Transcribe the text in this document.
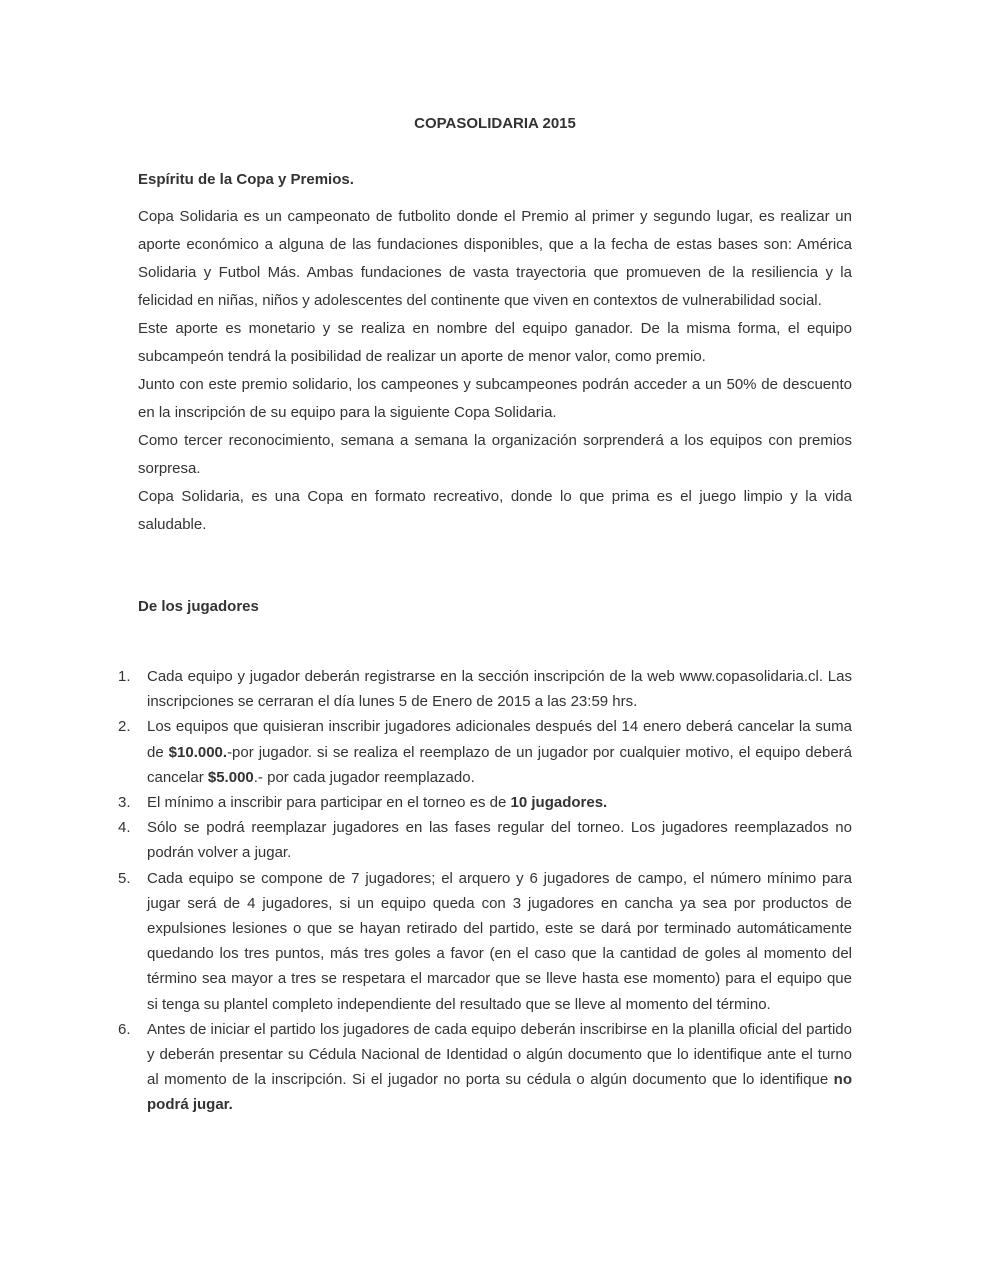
COPASOLIDARIA 2015
Espíritu de la Copa y Premios.

Copa Solidaria es un campeonato de futbolito donde el Premio al primer y segundo lugar, es realizar un aporte económico a alguna de las fundaciones disponibles, que a la fecha de estas bases son: América Solidaria y Futbol Más. Ambas fundaciones de vasta trayectoria que promueven de la resiliencia y la felicidad en niñas, niños y adolescentes del continente que viven en contextos de vulnerabilidad social.

Este aporte es monetario y se realiza en nombre del equipo ganador. De la misma forma, el equipo subcampeón tendrá la posibilidad de realizar un aporte de menor valor, como premio.

Junto con este premio solidario, los campeones y subcampeones podrán acceder a un 50% de descuento en la inscripción de su equipo para la siguiente Copa Solidaria.

Como tercer reconocimiento, semana a semana la organización sorprenderá a los equipos con premios sorpresa.

Copa Solidaria, es una Copa en formato recreativo, donde lo que prima es el juego limpio y la vida saludable.

De los jugadores
1. Cada equipo y jugador deberán registrarse en la sección inscripción de la web www.copasolidaria.cl. Las inscripciones se cerraran el día lunes 5 de Enero de 2015 a las 23:59 hrs.
2. Los equipos que quisieran inscribir jugadores adicionales después del 14 enero deberá cancelar la suma de $10.000.-por jugador. si se realiza el reemplazo de un jugador por cualquier motivo, el equipo deberá cancelar $5.000.- por cada jugador reemplazado.
3. El mínimo a inscribir para participar en el torneo es de 10 jugadores.
4. Sólo se podrá reemplazar jugadores en las fases regular del torneo. Los jugadores reemplazados no podrán volver a jugar.
5. Cada equipo se compone de 7 jugadores; el arquero y 6 jugadores de campo, el número mínimo para jugar será de 4 jugadores, si un equipo queda con 3 jugadores en cancha ya sea por productos de expulsiones lesiones o que se hayan retirado del partido, este se dará por terminado automáticamente quedando los tres puntos, más tres goles a favor (en el caso que la cantidad de goles al momento del término sea mayor a tres se respetara el marcador que se lleve hasta ese momento) para el equipo que si tenga su plantel completo independiente del resultado que se lleve al momento del término.
6. Antes de iniciar el partido los jugadores de cada equipo deberán inscribirse en la planilla oficial del partido y deberán presentar su Cédula Nacional de Identidad o algún documento que lo identifique ante el turno al momento de la inscripción. Si el jugador no porta su cédula o algún documento que lo identifique no podrá jugar.
